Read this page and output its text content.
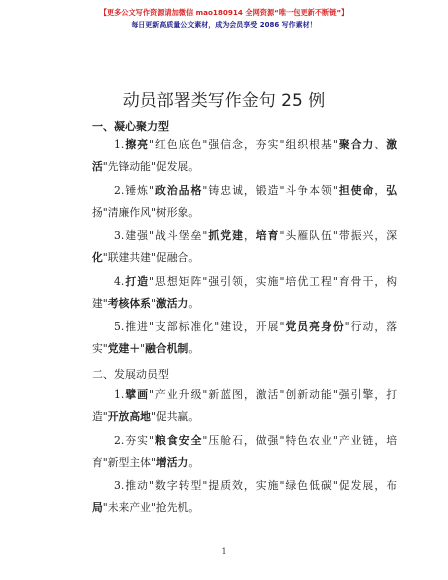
【更多公文写作资源请加微信 mao180914 全网资源“唯一包更新不断链”】
每日更新高质量公文素材，成为会员享受 2086 写作素材！
动员部署类写作金句 25 例
一、凝心聚力型
1.擦亮"红色底色"强信念，夯实"组织根基"聚合力、激活"先锋动能"促发展。
2.锤炼"政治品格"铸忠诚，锻造"斗争本领"担使命，弘扬"清廉作风"树形象。
3.建强"战斗堡垒"抓党建，培育"头雁队伍"带振兴，深化"联建共建"促融合。
4.打造"思想矩阵"强引领，实施"培优工程"育骨干，构建"考核体系"激活力。
5.推进"支部标准化"建设，开展"党员亮身份"行动，落实"党建＋"融合机制。
二、发展动员型
1.擘画"产业升级"新蓝图，激活"创新动能"强引擎，打造"开放高地"促共赢。
2.夯实"粮食安全"压舱石，做强"特色农业"产业链，培育"新型主体"增活力。
3.推动"数字转型"提质效，实施"绿色低碳"促发展，布局"未来产业"抢先机。
1
